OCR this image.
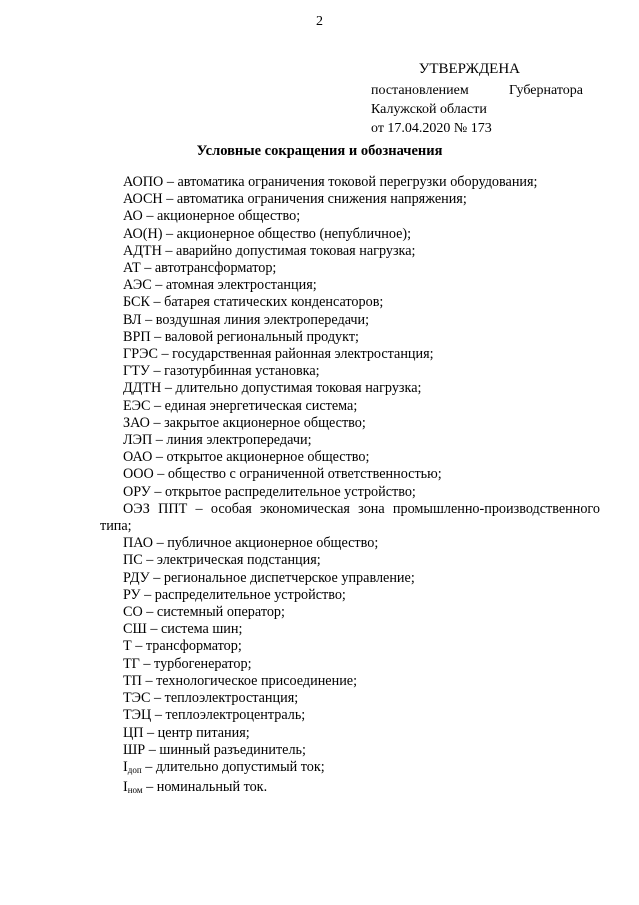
2
УТВЕРЖДЕНА
постановлением	Губернатора
Калужской области
от 17.04.2020 № 173
Условные сокращения и обозначения
АОПО – автоматика ограничения токовой перегрузки оборудования;
АОСН – автоматика ограничения снижения напряжения;
АО – акционерное общество;
АО(Н) – акционерное общество (непубличное);
АДТН – аварийно допустимая токовая нагрузка;
АТ – автотрансформатор;
АЭС – атомная электростанция;
БСК – батарея статических конденсаторов;
ВЛ – воздушная линия электропередачи;
ВРП – валовой региональный продукт;
ГРЭС – государственная районная электростанция;
ГТУ – газотурбинная установка;
ДДТН – длительно допустимая токовая нагрузка;
ЕЭС – единая энергетическая система;
ЗАО – закрытое акционерное общество;
ЛЭП – линия электропередачи;
ОАО – открытое акционерное общество;
ООО – общество с ограниченной ответственностью;
ОРУ – открытое распределительное устройство;
ОЭЗ ППТ – особая экономическая зона промышленно-производственного
типа;
ПАО – публичное акционерное общество;
ПС – электрическая подстанция;
РДУ – региональное диспетчерское управление;
РУ – распределительное устройство;
СО – системный оператор;
СШ – система шин;
Т – трансформатор;
ТГ – турбогенератор;
ТП – технологическое присоединение;
ТЭС – теплоэлектростанция;
ТЭЦ – теплоэлектроцентраль;
ЦП – центр питания;
ШР – шинный разъединитель;
$I_{доп}$ – длительно допустимый ток;
$I_{ном}$ – номинальный ток.
